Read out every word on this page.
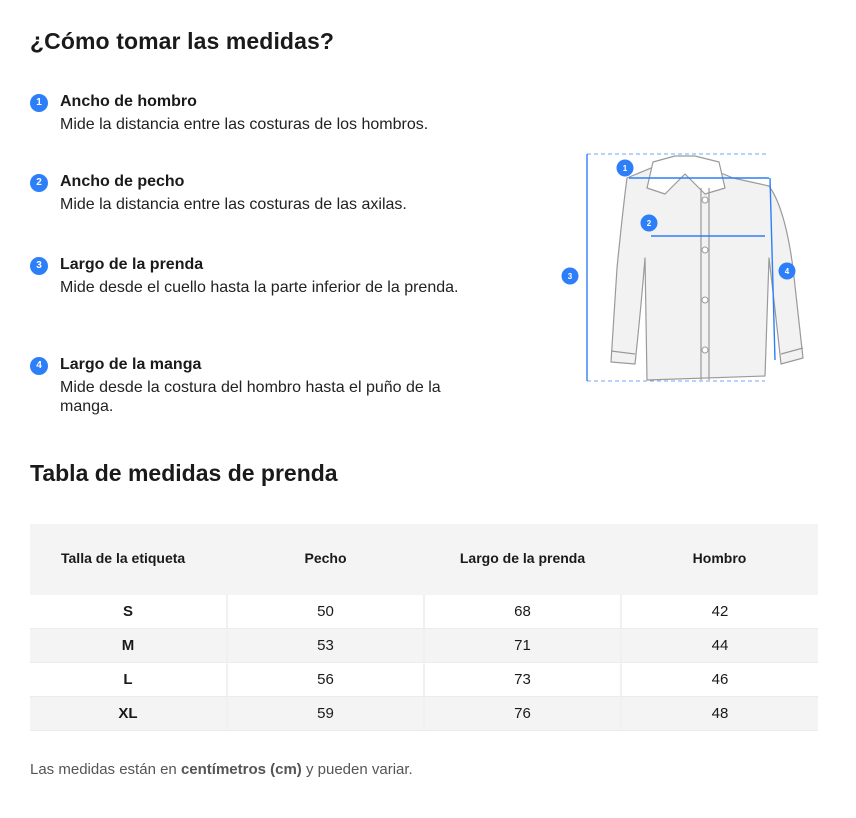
¿Cómo tomar las medidas?
1	Ancho de hombro
Mide la distancia entre las costuras de los hombros.
2	Ancho de pecho
Mide la distancia entre las costuras de las axilas.
3	Largo de la prenda
Mide desde el cuello hasta la parte inferior de la prenda.
4	Largo de la manga
Mide desde la costura del hombro hasta el puño de la manga.
1
2
3
4
Tabla de medidas de prenda
Talla de la etiqueta	Pecho	Largo de la prenda	Hombro
S	50	68	42
M	53	71	44
L	56	73	46
XL	59	76	48
Las medidas están en centímetros (cm) y pueden variar.
